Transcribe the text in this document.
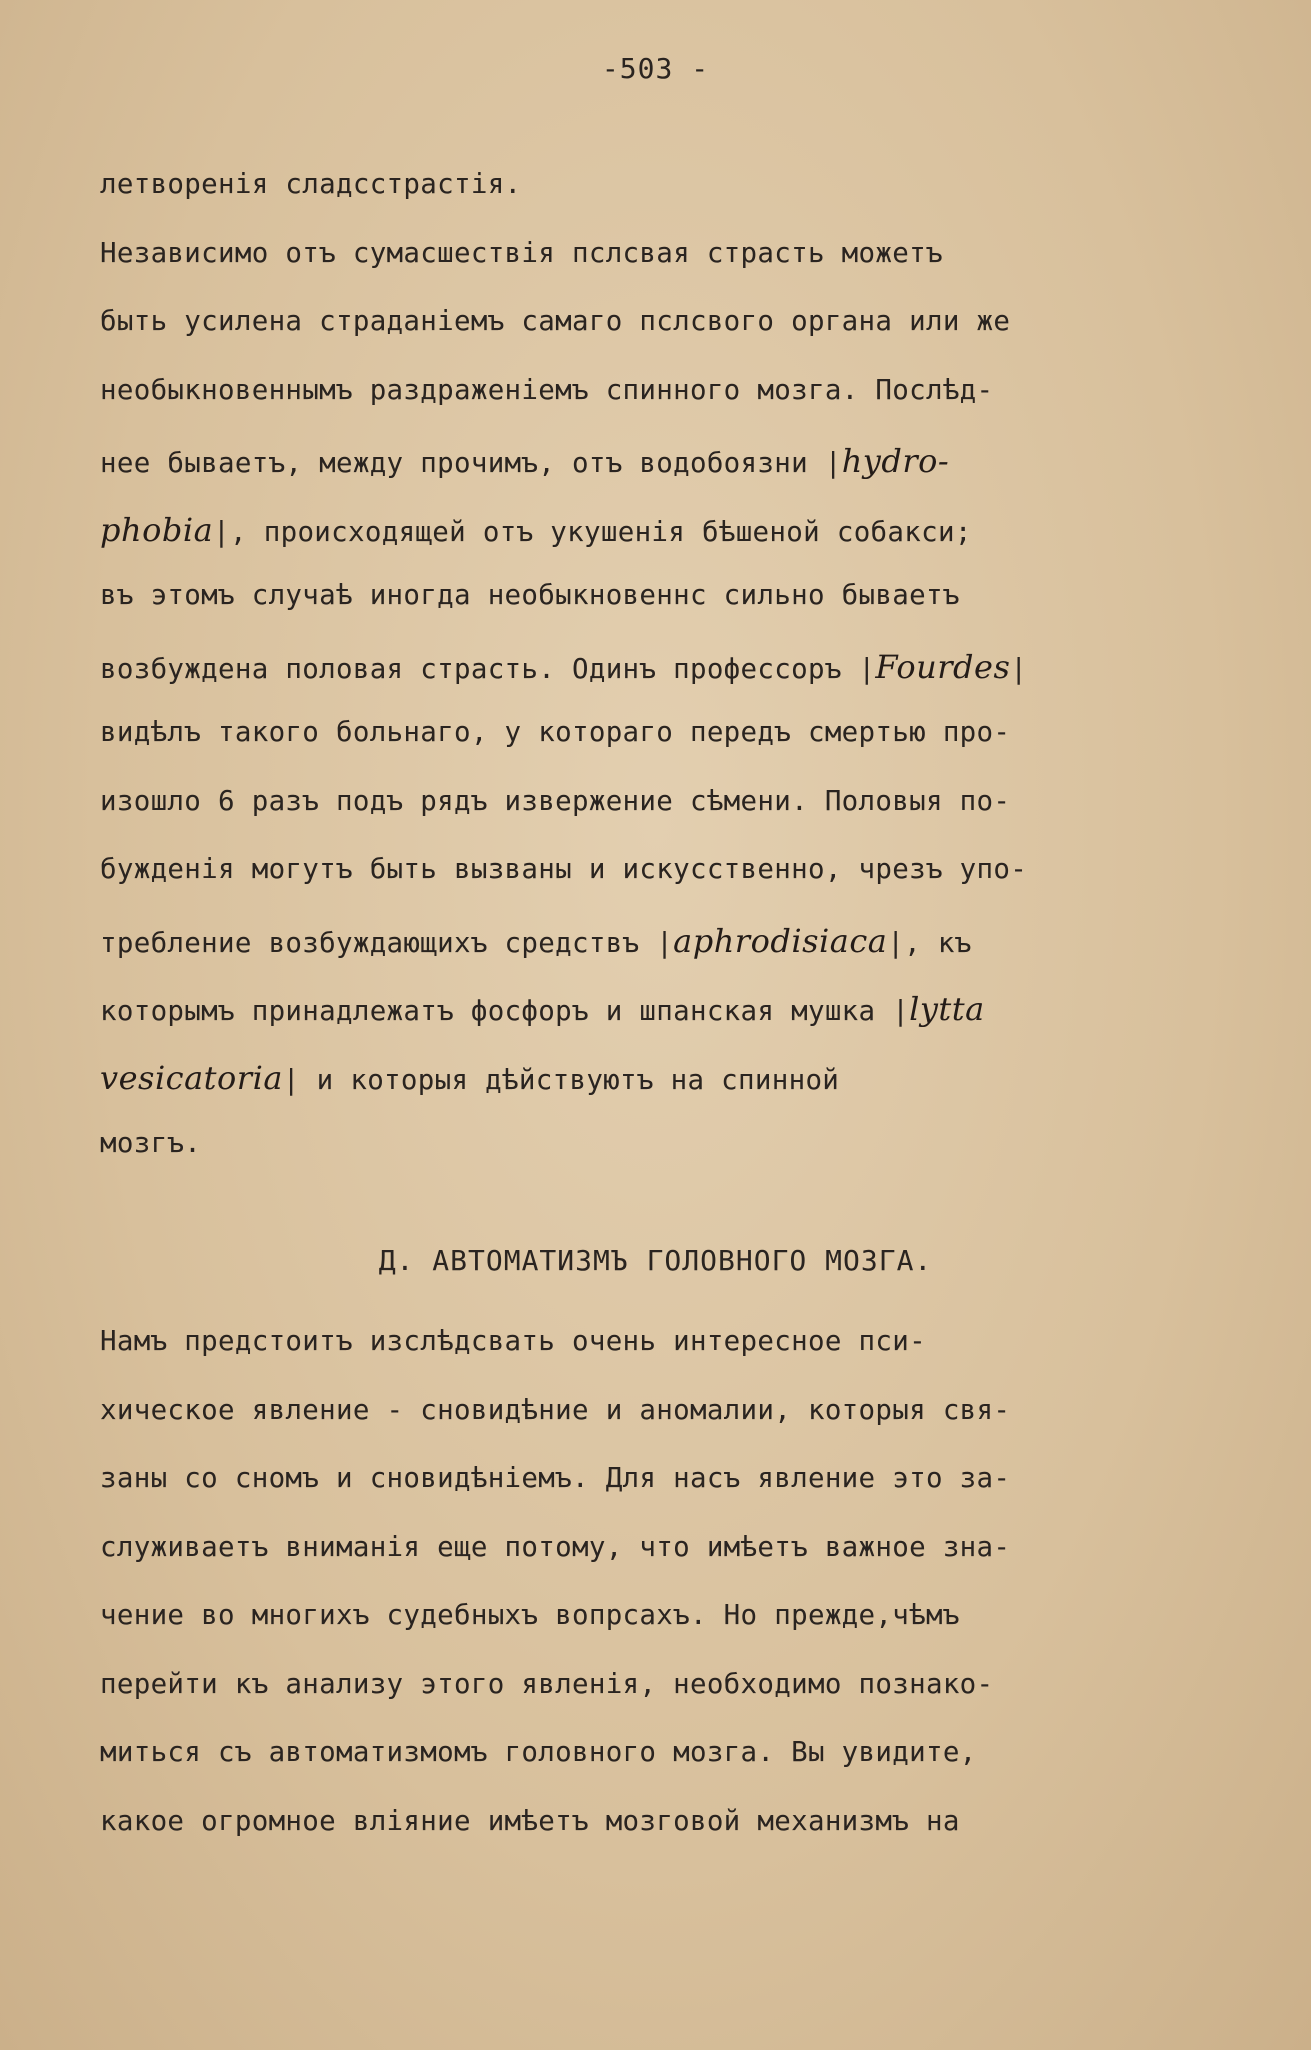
-503 -
летворенія сладсстрастія.
Независимо отъ сумасшествія пслсвая страсть можетъ
быть усилена страданіемъ самаго пслсвого органа или же
нeобыкновеннымъ раздраженіемъ спинного мозга. Послѣд-
нее бываетъ, между прочимъ, отъ водобоязни |hydro-
phobia|, происходящей отъ укушенія бѣшеной собакси;
въ этомъ случаѣ иногда необыкновеннс сильно бываетъ
возбуждена половая страсть. Одинъ профессоръ |Fourdes|
видѣлъ такого больнаго, у котораго передъ смертью про-
изошло 6 разъ подъ рядъ извержение сѣмени. Половыя по-
бужденія могутъ быть вызваны и искусственно, чрезъ упо-
требление возбуждающихъ средствъ |aphrodisiaca|, къ
которымъ принадлежатъ фосфоръ и шпанская мушка |lytta
vesicatoria| и которыя дѣйствуютъ на спинной
мозгъ.
Д. АВТОМАТИЗМЪ ГОЛОВНОГО МОЗГА.
Намъ предстоитъ изслѣдсвать очень интересное пси-
хическое явление - сновидѣние и аномалии, которыя свя-
заны со сномъ и сновидѣніемъ. Для насъ явление это за-
служиваетъ вниманія еще потому, что имѣетъ важное зна-
чение во многихъ судебныхъ вопрсахъ. Но прежде,чѣмъ
перейти къ анализу этого явленія, необходимо познако-
миться съ автоматизмомъ головного мозга. Вы увидите,
какое огромное вліяние имѣетъ мозговой механизмъ на
